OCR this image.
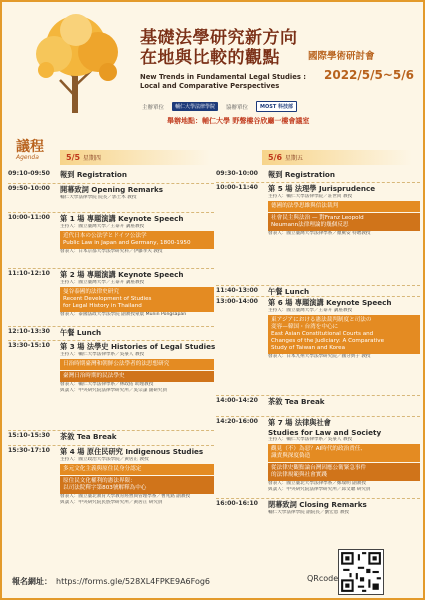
基礎法學研究新方向
在地與比較的觀點	國際學術研討會
New Trends in Fundamental Legal Studies : Local and Comparative Perspectives
2022/5/5~5/6
主辦單位	輔仁大學法律學院	協辦單位	MOST 科技部
舉辦地點：輔仁大學 野聲樓谷欣廳一樓會議室
議程
Agenda	5/5 星期四	5/6 星期五
09:10-09:50 報到 Registration
09:50-10:00 開幕致詞 Opening Remarks
輔仁大學法律學院 院長／郭土木 教授
10:00-11:00 第 1 場 專題演講 Keynote Speech
主持人：國立臺灣大學／王泰升 講座教授
近代日本の公法学とドイツ公法学
Public Law in Japan and Germany, 1800-1950
發表人：日本京都大學法學研究科／伊藤孝夫 教授
11:10-12:10 第 2 場 專題演講 Keynote Speech
主持人：國立臺灣大學／王泰升 講座教授
曼谷泰國的法律史研究
Recent Development of Studies
for Legal History in Thailand
發表人：泰國法政大學法學院 副教授蒙農 Munin Pongsapan
12:10-13:30 午餐 Lunch
13:30-15:10 第 3 場 法學史 Histories of Legal Studies
主持人：輔仁大學法律學系／吳豪人 教授
日治時期臺灣和朝鮮公法學者的法思想研究
臺灣日治時期的民法學史
發表人：輔仁大學法律學系／林政佑 助理教授
與談人：中央研究院法律學研究所／吳宗謀 副研究員
15:10-15:30 茶敘 Tea Break
15:30-17:10 第 4 場 原住民研究 Indigenous Studies
主持人：國立政治大學法學院／黃居正 教授
多元文化主義與原住民身分認定
原住民文化權利的憲法界限：
以司法院釋字第803號解釋為中心
發表人：國立臺北教育大學教育經營與管理學系／曹兆銘 副教授
與談人：中央研究院民族學研究所／黃居正 研究員
09:30-10:00 報到 Registration
10:00-11:40 第 5 場 法理學 Jurisprudence
主持人：輔仁大學法律學院／莊世同 教授
德國的法學思維與信法裁判
社會民主與法治 — 對Franz Leopold
Neumann法律理論的幾個反思
發表人：國立臺灣大學法律學系／顏厥安 特聘教授
11:40-13:00 午餐 Lunch
13:00-14:00 第 6 場 專題演講 Keynote Speech
主持人：國立臺灣大學／王泰升 講座教授
東アジアにおける憲法裁判制度と司法の
変容—韓国・台湾を中心に
East Asian Constitutional Courts and
Changes of the Judiciary: A Comparative
Study of Taiwan and Korea
發表人：日本九州大學法學研究院／國分典子 教授
14:00-14:20 茶敘 Tea Break
14:20-16:00 第 7 場 法律與社會
Studies for Law and Society
主持人：輔仁大學法律學系／吳豪人 教授
觀見（不）為惡？AI時代的政治責任、
識責與深度偽造
從法律史觀點論台灣因應公衛緊急事件
的法律規範與社會實踐
發表人：國立臺北大學法律學系／鄭瑞明 副教授
與談人：中央研究院法律學研究所／邱文聰 研究員
16:00-16:10 閉幕致詞 Closing Remarks
輔仁大學法律學院 副院長／劉宏恩 教授
報名網址： https://forms.gle/528XL4FPKE9A6Fog6	QRcode
